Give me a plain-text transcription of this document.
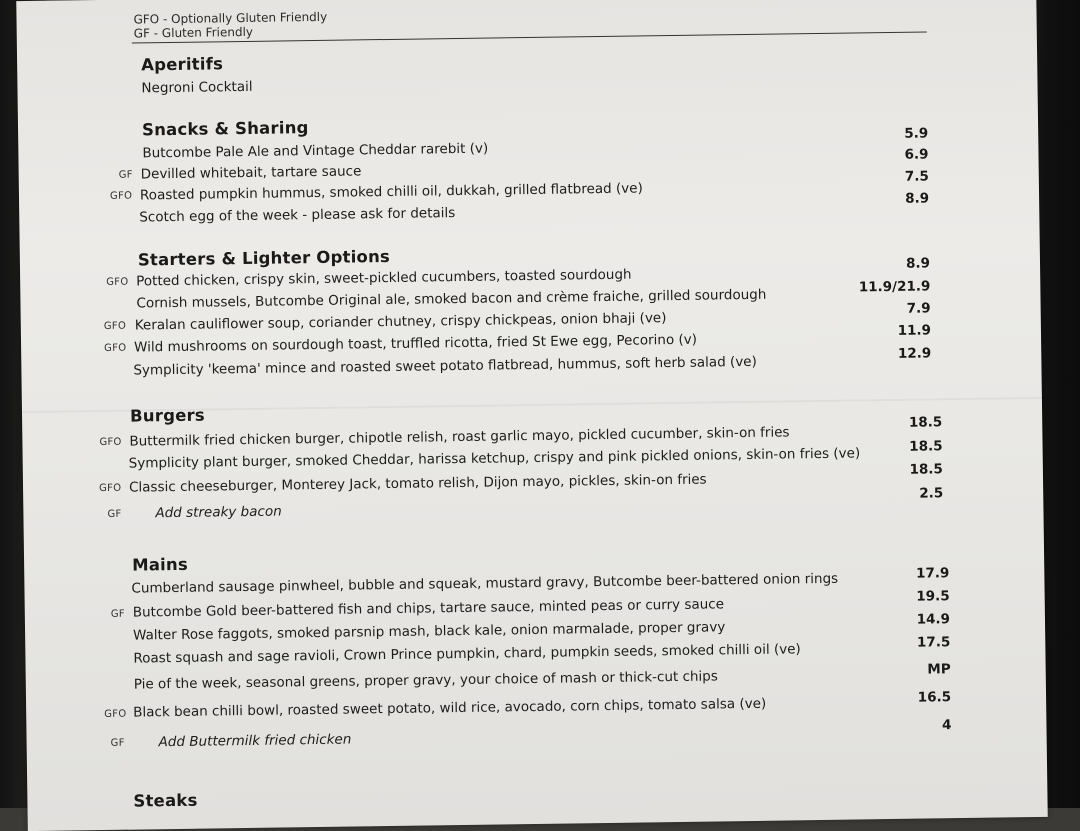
GFO - Optionally Gluten Friendly
GF - Gluten Friendly
Aperitifs
Negroni Cocktail
Snacks & Sharing
Butcombe Pale Ale and Vintage Cheddar rarebit (v)
5.9
GF Devilled whitebait, tartare sauce
6.9
GFO Roasted pumpkin hummus, smoked chilli oil, dukkah, grilled flatbread (ve)
7.5
Scotch egg of the week - please ask for details
8.9
Starters & Lighter Options
GFO Potted chicken, crispy skin, sweet-pickled cucumbers, toasted sourdough
8.9
Cornish mussels, Butcombe Original ale, smoked bacon and crème fraiche, grilled sourdough	11.9/21.9
GFO Keralan cauliflower soup, coriander chutney, crispy chickpeas, onion bhaji (ve)
7.9
GFO Wild mushrooms on sourdough toast, truffled ricotta, fried St Ewe egg, Pecorino (v)
11.9
Symplicity 'keema' mince and roasted sweet potato flatbread, hummus, soft herb salad (ve)
12.9
Burgers
GFO Buttermilk fried chicken burger, chipotle relish, roast garlic mayo, pickled cucumber, skin-on fries
18.5
Symplicity plant burger, smoked Cheddar, harissa ketchup, crispy and pink pickled onions, skin-on fries (ve)	18.5
GFO Classic cheeseburger, Monterey Jack, tomato relish, Dijon mayo, pickles, skin-on fries
18.5
GF Add streaky bacon
2.5
Mains
Cumberland sausage pinwheel, bubble and squeak, mustard gravy, Butcombe beer-battered onion rings	17.9
GF Butcombe Gold beer-battered fish and chips, tartare sauce, minted peas or curry sauce	19.5
Walter Rose faggots, smoked parsnip mash, black kale, onion marmalade, proper gravy	14.9
Roast squash and sage ravioli, Crown Prince pumpkin, chard, pumpkin seeds, smoked chilli oil (ve)	17.5
Pie of the week, seasonal greens, proper gravy, your choice of mash or thick-cut chips	MP
GFO Black bean chilli bowl, roasted sweet potato, wild rice, avocado, corn chips, tomato salsa (ve)	16.5
GF Add Buttermilk fried chicken
4
Steaks
